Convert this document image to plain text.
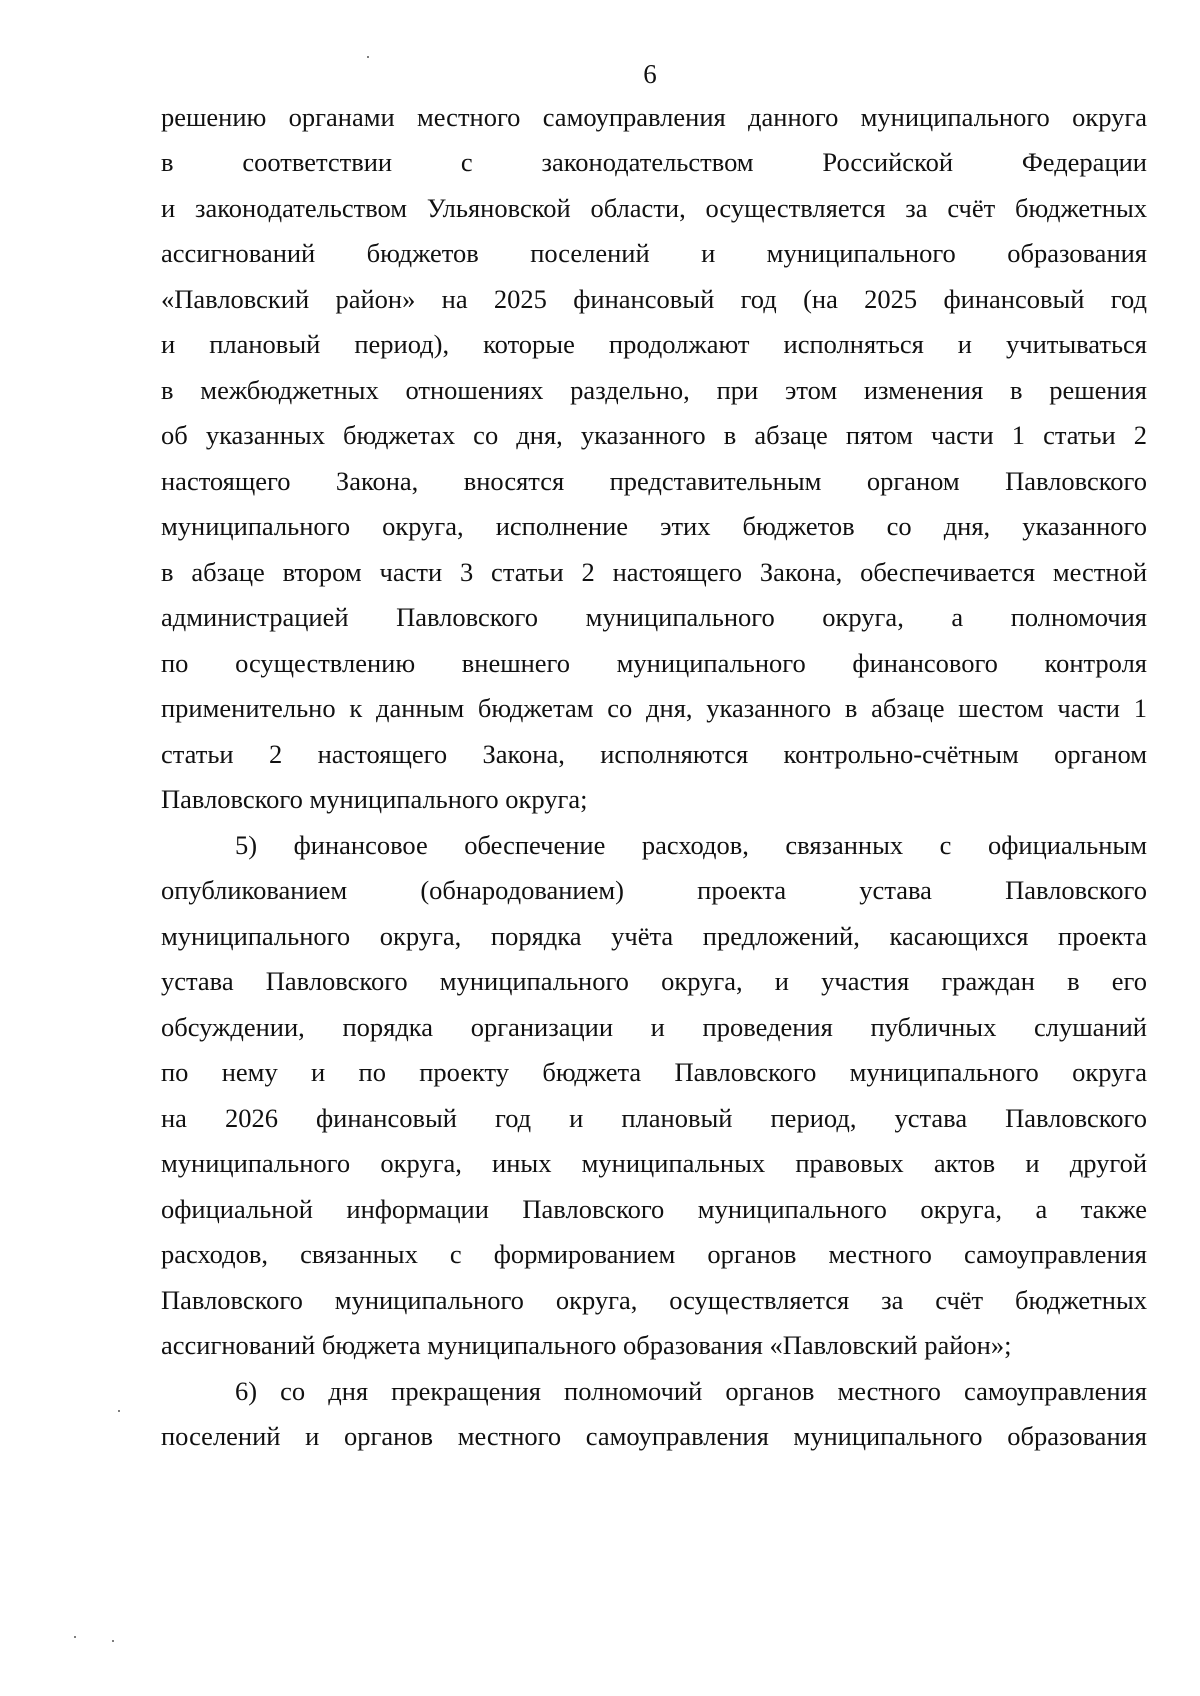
6
решению органами местного самоуправления данного муниципального округа
в соответствии с законодательством Российской Федерации
и законодательством Ульяновской области, осуществляется за счёт бюджетных
ассигнований бюджетов поселений и муниципального образования
«Павловский район» на 2025 финансовый год (на 2025 финансовый год
и плановый период), которые продолжают исполняться и учитываться
в межбюджетных отношениях раздельно, при этом изменения в решения
об указанных бюджетах со дня, указанного в абзаце пятом части 1 статьи 2
настоящего Закона, вносятся представительным органом Павловского
муниципального округа, исполнение этих бюджетов со дня, указанного
в абзаце втором части 3 статьи 2 настоящего Закона, обеспечивается местной
администрацией Павловского муниципального округа, а полномочия
по осуществлению внешнего муниципального финансового контроля
применительно к данным бюджетам со дня, указанного в абзаце шестом части 1
статьи 2 настоящего Закона, исполняются контрольно-счётным органом
Павловского муниципального округа;
5) финансовое обеспечение расходов, связанных с официальным
опубликованием (обнародованием) проекта устава Павловского
муниципального округа, порядка учёта предложений, касающихся проекта
устава Павловского муниципального округа, и участия граждан в его
обсуждении, порядка организации и проведения публичных слушаний
по нему и по проекту бюджета Павловского муниципального округа
на 2026 финансовый год и плановый период, устава Павловского
муниципального округа, иных муниципальных правовых актов и другой
официальной информации Павловского муниципального округа, а также
расходов, связанных с формированием органов местного самоуправления
Павловского муниципального округа, осуществляется за счёт бюджетных
ассигнований бюджета муниципального образования «Павловский район»;
6) со дня прекращения полномочий органов местного самоуправления
поселений и органов местного самоуправления муниципального образования
